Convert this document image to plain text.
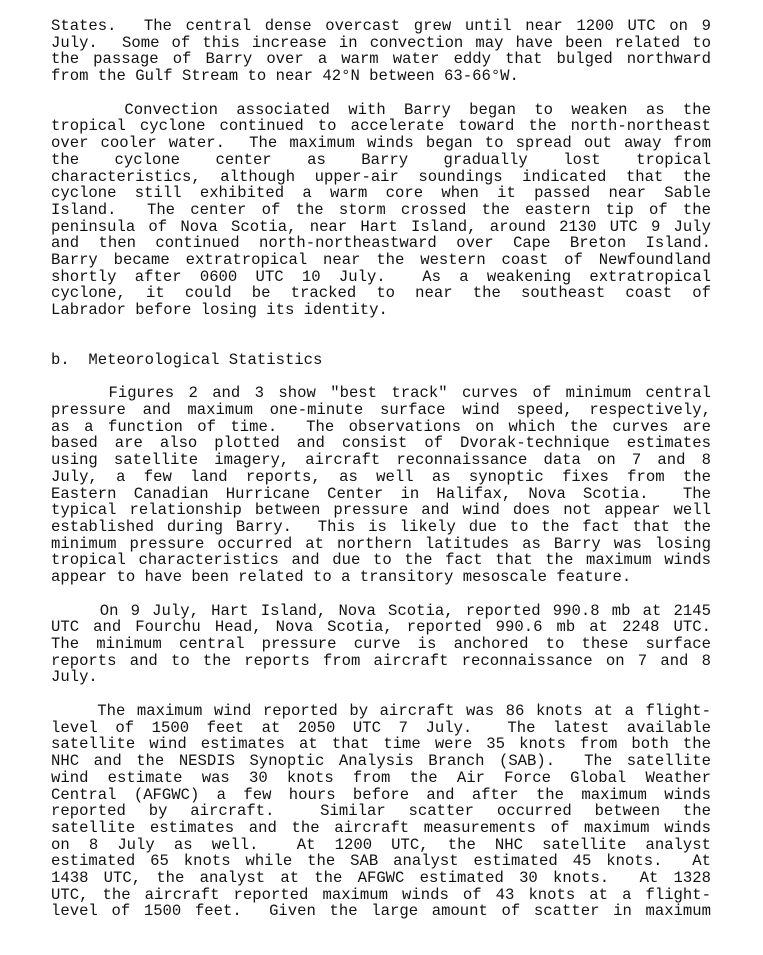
States.  The central dense overcast grew until near 1200 UTC on 9
July.  Some of this increase in convection may have been related to
the passage of Barry over a warm water eddy that bulged northward
from the Gulf Stream to near 42°N between 63-66°W.
Convection associated with Barry began to weaken as the
tropical cyclone continued to accelerate toward the north-northeast
over cooler water.  The maximum winds began to spread out away from
the cyclone center as Barry gradually lost tropical
characteristics, although upper-air soundings indicated that the
cyclone still exhibited a warm core when it passed near Sable
Island.  The center of the storm crossed the eastern tip of the
peninsula of Nova Scotia, near Hart Island, around 2130 UTC 9 July
and then continued north-northeastward over Cape Breton Island.
Barry became extratropical near the western coast of Newfoundland
shortly after 0600 UTC 10 July.  As a weakening extratropical
cyclone, it could be tracked to near the southeast coast of
Labrador before losing its identity.
b.  Meteorological Statistics
Figures 2 and 3 show "best track" curves of minimum central
pressure and maximum one-minute surface wind speed, respectively,
as a function of time.  The observations on which the curves are
based are also plotted and consist of Dvorak-technique estimates
using satellite imagery, aircraft reconnaissance data on 7 and 8
July, a few land reports, as well as synoptic fixes from the
Eastern Canadian Hurricane Center in Halifax, Nova Scotia.  The
typical relationship between pressure and wind does not appear well
established during Barry.  This is likely due to the fact that the
minimum pressure occurred at northern latitudes as Barry was losing
tropical characteristics and due to the fact that the maximum winds
appear to have been related to a transitory mesoscale feature.
On 9 July, Hart Island, Nova Scotia, reported 990.8 mb at 2145
UTC and Fourchu Head, Nova Scotia, reported 990.6 mb at 2248 UTC.
The minimum central pressure curve is anchored to these surface
reports and to the reports from aircraft reconnaissance on 7 and 8
July.
The maximum wind reported by aircraft was 86 knots at a flight-
level of 1500 feet at 2050 UTC 7 July.  The latest available
satellite wind estimates at that time were 35 knots from both the
NHC and the NESDIS Synoptic Analysis Branch (SAB).  The satellite
wind estimate was 30 knots from the Air Force Global Weather
Central (AFGWC) a few hours before and after the maximum winds
reported by aircraft.  Similar scatter occurred between the
satellite estimates and the aircraft measurements of maximum winds
on 8 July as well.  At 1200 UTC, the NHC satellite analyst
estimated 65 knots while the SAB analyst estimated 45 knots.  At
1438 UTC, the analyst at the AFGWC estimated 30 knots.  At 1328
UTC, the aircraft reported maximum winds of 43 knots at a flight-
level of 1500 feet.  Given the large amount of scatter in maximum
